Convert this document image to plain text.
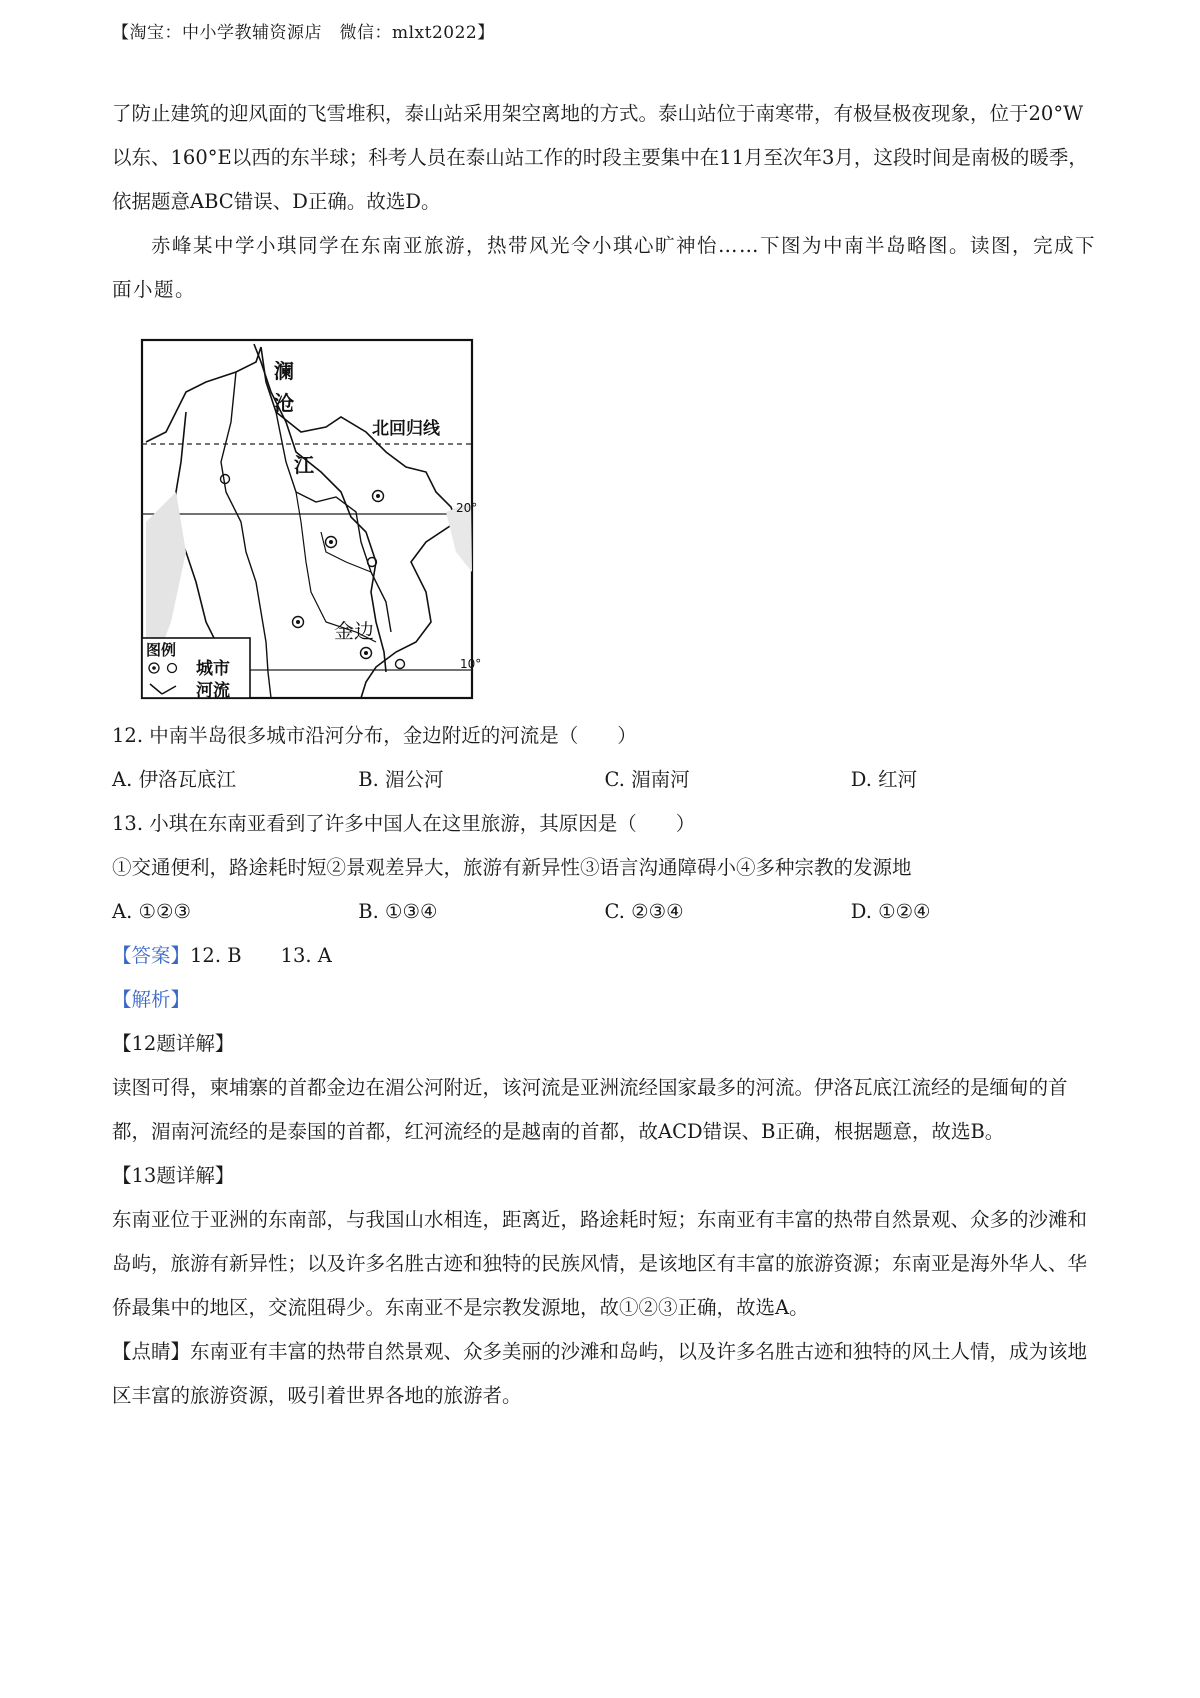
【淘宝：中小学教辅资源店　微信：mlxt2022】

了防止建筑的迎风面的飞雪堆积，泰山站采用架空离地的方式。泰山站位于南寒带，有极昼极夜现象，位于20°W以东、160°E以西的东半球；科考人员在泰山站工作的时段主要集中在11月至次年3月，这段时间是南极的暖季，依据题意ABC错误、D正确。故选D。

赤峰某中学小琪同学在东南亚旅游，热带风光令小琪心旷神怡……下图为中南半岛略图。读图，完成下面小题。

澜
沧
江
北回归线
20°
10°
金边
图例
城市
河流

12. 中南半岛很多城市沿河分布，金边附近的河流是（　　）

A. 伊洛瓦底江	B. 湄公河	C. 湄南河	D. 红河

13. 小琪在东南亚看到了许多中国人在这里旅游，其原因是（　　）

①交通便利，路途耗时短②景观差异大，旅游有新异性③语言沟通障碍小④多种宗教的发源地

A. ①②③	B. ①③④	C. ②③④	D. ①②④

【答案】12. B　　13. A

【解析】

【12题详解】

读图可得，柬埔寨的首都金边在湄公河附近，该河流是亚洲流经国家最多的河流。伊洛瓦底江流经的是缅甸的首都，湄南河流经的是泰国的首都，红河流经的是越南的首都，故ACD错误、B正确，根据题意，故选B。

【13题详解】

东南亚位于亚洲的东南部，与我国山水相连，距离近，路途耗时短；东南亚有丰富的热带自然景观、众多的沙滩和岛屿，旅游有新异性；以及许多名胜古迹和独特的民族风情，是该地区有丰富的旅游资源；东南亚是海外华人、华侨最集中的地区，交流阻碍少。东南亚不是宗教发源地，故①②③正确，故选A。

【点睛】东南亚有丰富的热带自然景观、众多美丽的沙滩和岛屿，以及许多名胜古迹和独特的风土人情，成为该地区丰富的旅游资源，吸引着世界各地的旅游者。
